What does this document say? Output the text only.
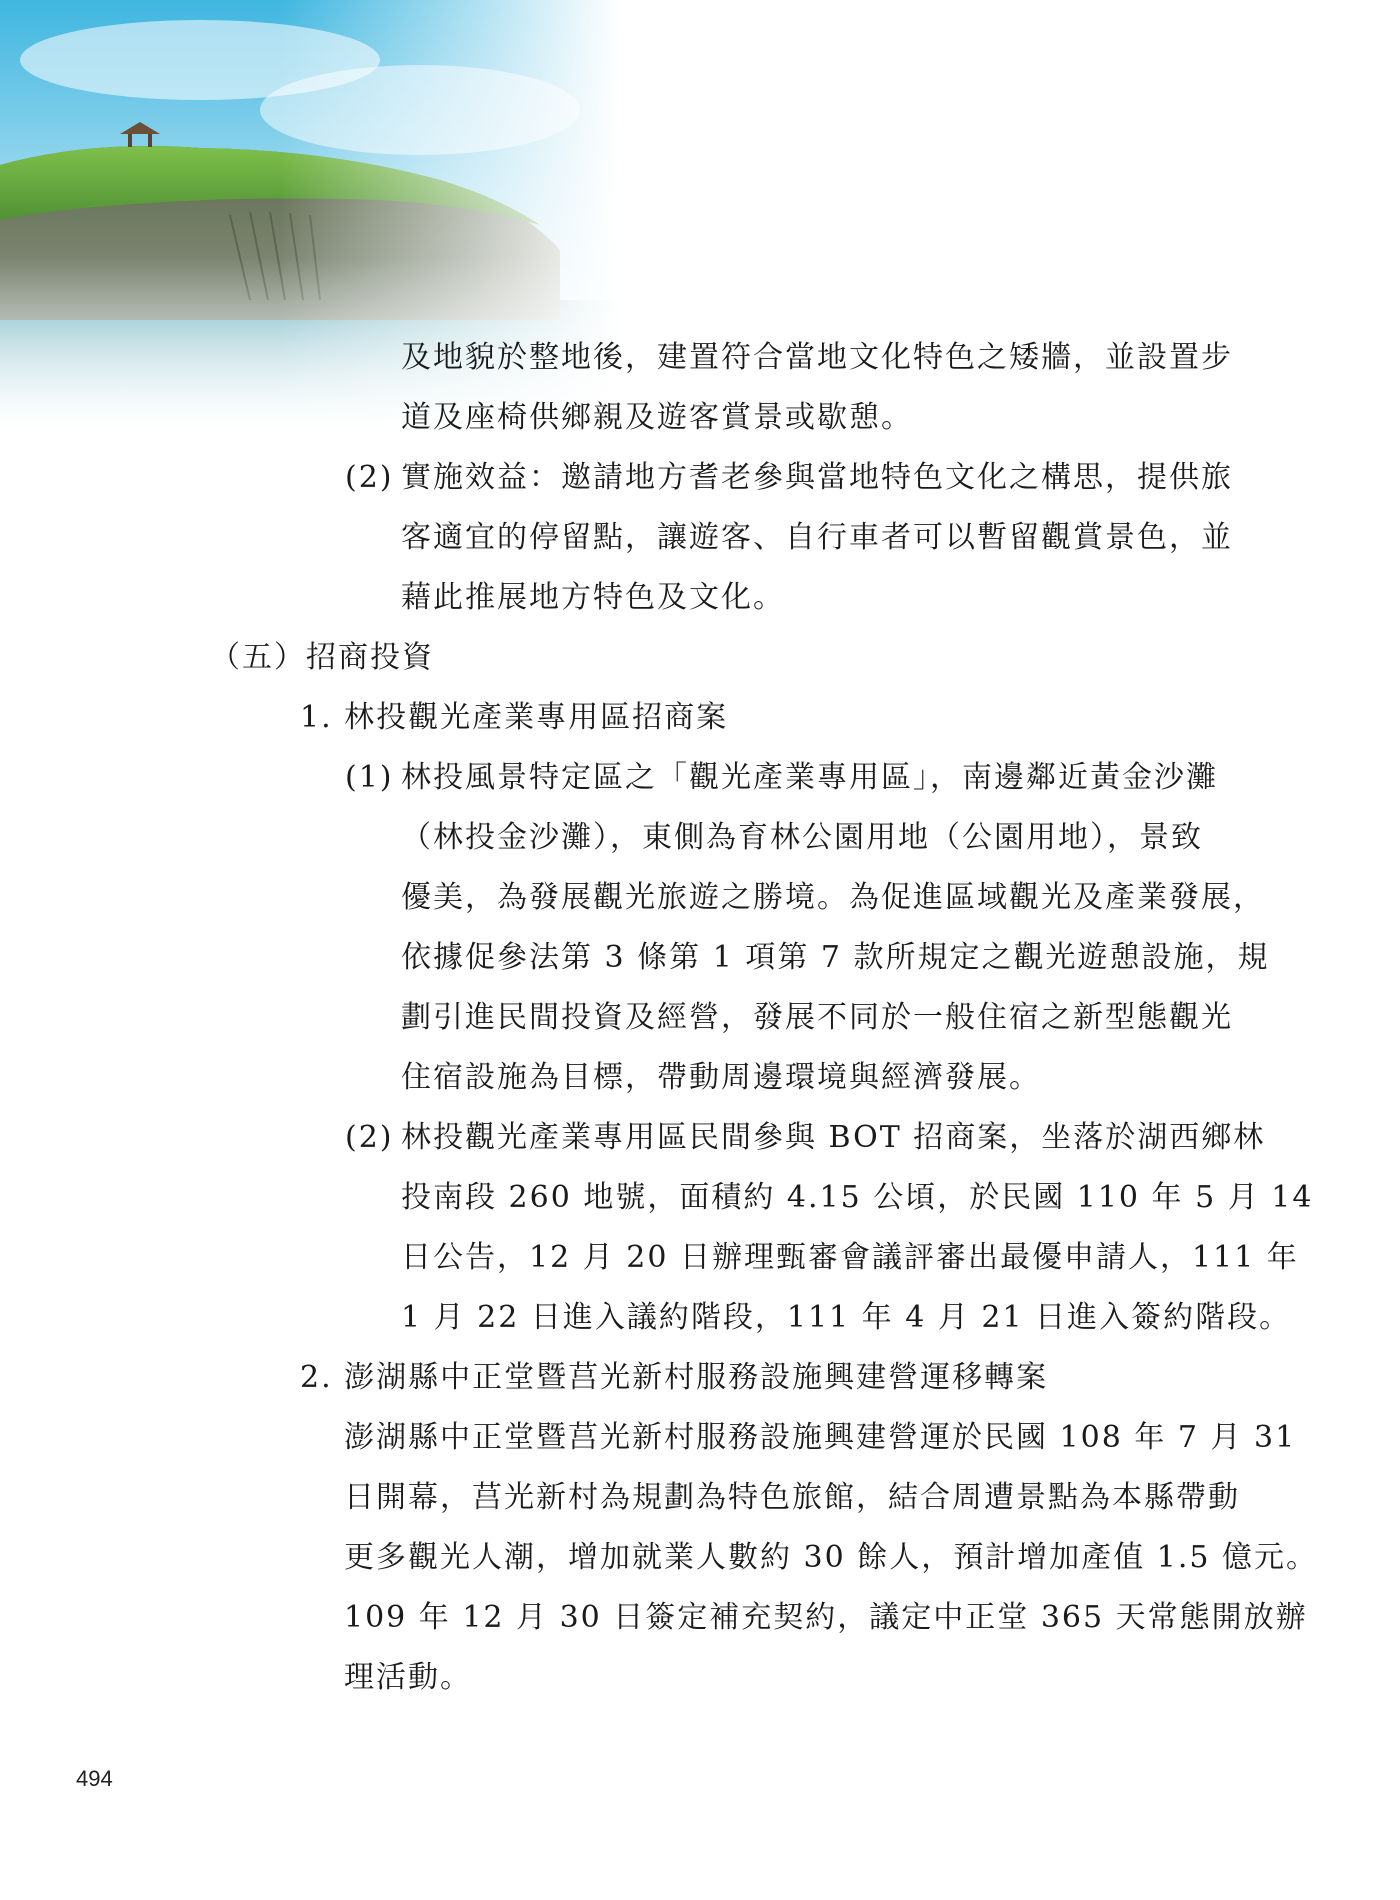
及地貌於整地後，建置符合當地文化特色之矮牆，並設置步

道及座椅供鄉親及遊客賞景或歇憩。

(2) 實施效益：邀請地方耆老參與當地特色文化之構思，提供旅

客適宜的停留點，讓遊客、自行車者可以暫留觀賞景色，並

藉此推展地方特色及文化。

（五）招商投資

1. 林投觀光產業專用區招商案

(1) 林投風景特定區之「觀光產業專用區」，南邊鄰近黃金沙灘

（林投金沙灘），東側為育林公園用地（公園用地），景致

優美，為發展觀光旅遊之勝境。為促進區域觀光及產業發展，

依據促參法第 3 條第 1 項第 7 款所規定之觀光遊憩設施，規

劃引進民間投資及經營，發展不同於一般住宿之新型態觀光

住宿設施為目標，帶動周邊環境與經濟發展。

(2) 林投觀光產業專用區民間參與 BOT 招商案，坐落於湖西鄉林

投南段 260 地號，面積約 4.15 公頃，於民國 110 年 5 月 14

日公告，12 月 20 日辦理甄審會議評審出最優申請人，111 年

1 月 22 日進入議約階段，111 年 4 月 21 日進入簽約階段。

2. 澎湖縣中正堂暨莒光新村服務設施興建營運移轉案

澎湖縣中正堂暨莒光新村服務設施興建營運於民國 108 年 7 月 31

日開幕，莒光新村為規劃為特色旅館，結合周遭景點為本縣帶動

更多觀光人潮，增加就業人數約 30 餘人，預計增加產值 1.5 億元。

109 年 12 月 30 日簽定補充契約，議定中正堂 365 天常態開放辦

理活動。

494
